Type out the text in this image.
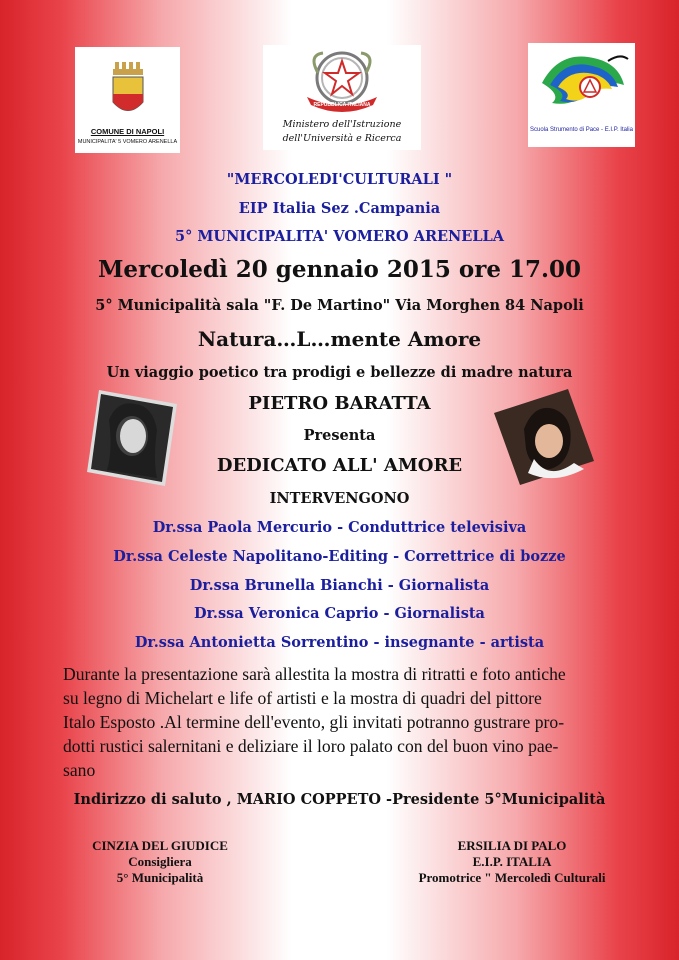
COMUNE DI NAPOLI
MUNICIPALITA' 5 VOMERO ARENELLA
REPUBBLICA ITALIANA
Ministero dell'Istruzione
dell'Università e Ricerca
Scuola Strumento di Pace - E.I.P. Italia
"MERCOLEDI'CULTURALI "
EIP Italia Sez .Campania
5° MUNICIPALITA' VOMERO ARENELLA
Mercoledì 20 gennaio 2015 ore 17.00
5° Municipalità sala "F. De Martino" Via Morghen 84 Napoli
Natura…L…mente Amore
Un viaggio poetico tra prodigi e bellezze di madre natura
PIETRO BARATTA
Presenta
DEDICATO ALL' AMORE
INTERVENGONO
Dr.ssa Paola Mercurio - Conduttrice televisiva
Dr.ssa Celeste Napolitano-Editing - Correttrice di bozze
Dr.ssa Brunella Bianchi - Giornalista
Dr.ssa Veronica Caprio - Giornalista
Dr.ssa Antonietta Sorrentino - insegnante - artista

Durante la presentazione sarà allestita la mostra di ritratti e foto antiche

su legno di Michelart e life of artisti e la mostra di quadri del pittore

Italo Esposto .Al termine dell'evento, gli invitati potranno gustrare pro-

dotti rustici salernitani e deliziare il loro palato con del buon vino pae-

sano

Indirizzo di saluto , MARIO COPPETO -Presidente 5°Municipalità
CINZIA DEL GIUDICE
Consigliera
5° Municipalità
ERSILIA DI PALO
E.I.P. ITALIA
Promotrice " Mercoledì Culturali
